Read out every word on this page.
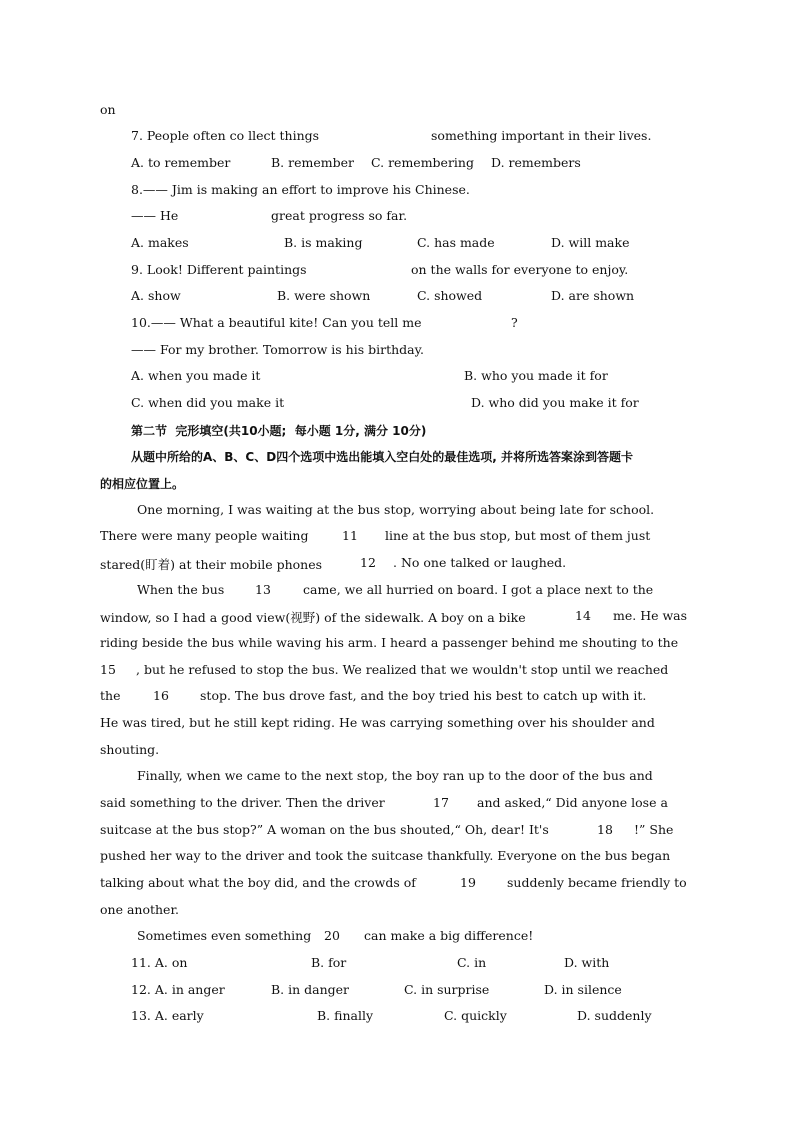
on
7. People often co llect things	something important in their lives.
A. to remember	B. remember C. remembering D. remembers
8.—— Jim is making an effort to improve his Chinese.
—— He	great progress so far.
A. makes	B. is making	C. has made	D. will make
9. Look! Different paintings	on the walls for everyone to enjoy.
A. show	B. were shown	C. showed	D. are shown
10.—— What a beautiful kite! Can you tell me	?
—— For my brother. Tomorrow is his birthday.
A. when you made it	B. who you made it for
C. when did you make it	D. who did you make it for
第二节  完形填空(共10小题;  每小题 1分, 满分 10分)
从题中所给的A、B、C、D四个选项中选出能填入空白处的最佳选项, 并将所选答案涂到答题卡
的相应位置上。
One morning, I was waiting at the bus stop, worrying about being late for school.
There were many people waiting	11 line at the bus stop, but most of them just
stared(盯着) at their mobile phones	12 . No one talked or laughed.
When the bus 13	came, we all hurried on board. I got a place next to the
window, so I had a good view(视野) of the sidewalk. A boy on a bike	14 me. He was
riding beside the bus while waving his arm. I heard a passenger behind me shouting to the
15 , but he refused to stop the bus. We realized that we wouldn't stop until we reached
the	16 stop. The bus drove fast, and the boy tried his best to catch up with it.
He was tired, but he still kept riding. He was carrying something over his shoulder and
shouting.
Finally, when we came to the next stop, the boy ran up to the door of the bus and
said something to the driver. Then the driver	17 and asked,“ Did anyone lose a
suitcase at the bus stop?” A woman on the bus shouted,“ Oh, dear! It's	18 !” She
pushed her way to the driver and took the suitcase thankfully. Everyone on the bus began
talking about what the boy did, and the crowds of	19 suddenly became friendly to
one another.
Sometimes even something 20 can make a big difference!
11. A. on	B. for	C. in	D. with
12. A. in anger	B. in danger	C. in surprise	D. in silence
13. A. early	B. finally	C. quickly	D. suddenly
